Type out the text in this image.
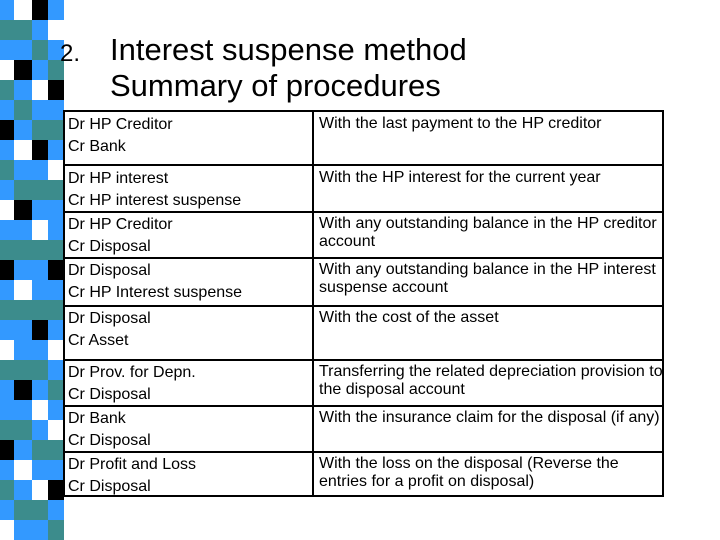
2. Interest suspense method
Summary of procedures
Dr HP Creditor
Cr Bank
With the last payment to the HP creditor
Dr HP interest
Cr HP interest suspense
With the HP interest for the current year
Dr HP Creditor
Cr Disposal
With any outstanding balance in the HP creditor account
Dr Disposal
Cr HP Interest suspense
With any outstanding balance in the HP interest suspense account
Dr Disposal
Cr Asset
With the cost of the asset
Dr Prov. for Depn.
Cr Disposal
Transferring the related depreciation provision to the disposal account
Dr Bank
Cr Disposal
With the insurance claim for the disposal (if any)
Dr Profit and Loss
Cr Disposal
With the loss on the disposal (Reverse the entries for a profit on disposal)
